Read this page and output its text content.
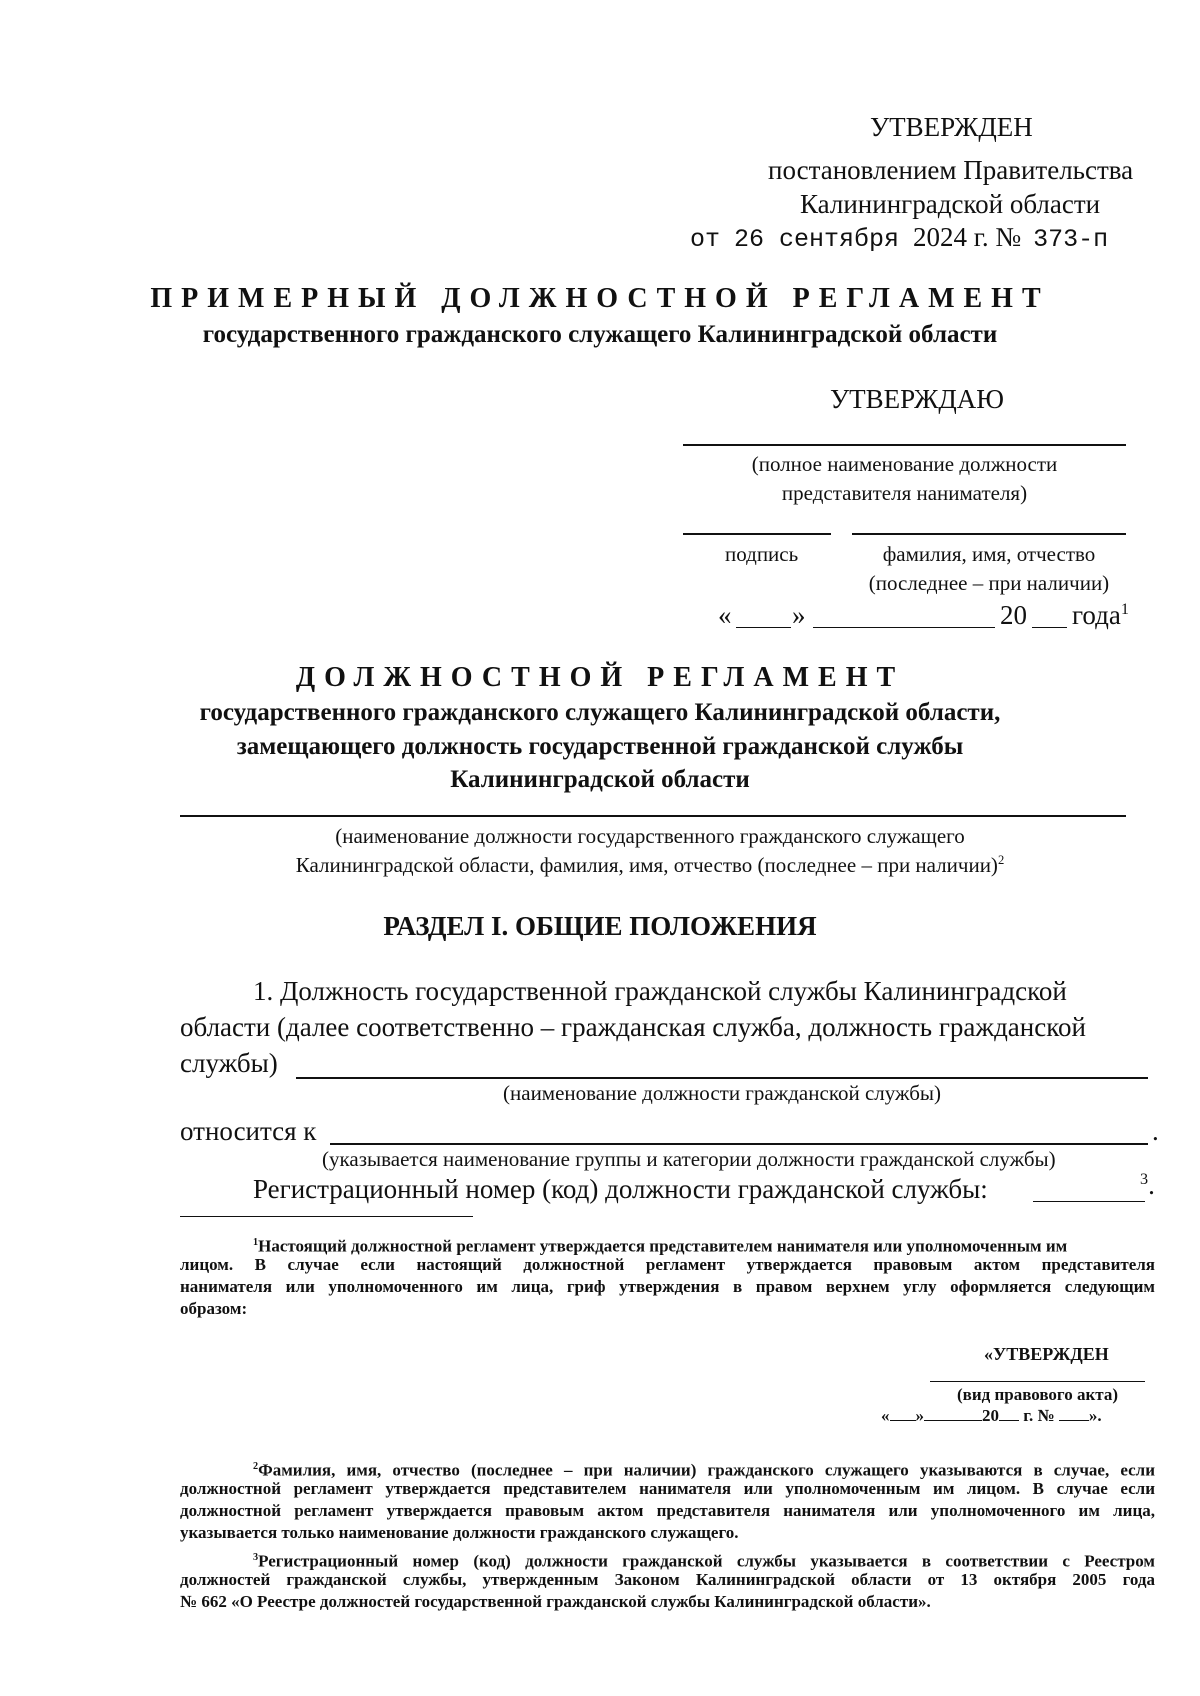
УТВЕРЖДЕН
постановлением Правительства
Калининградской области
от 26 сентября 2024 г. № 373-п
ПРИМЕРНЫЙ ДОЛЖНОСТНОЙ РЕГЛАМЕНТ
государственного гражданского служащего Калининградской области
УТВЕРЖДАЮ
(полное наименование должности
представителя нанимателя)
подпись	фамилия, имя, отчество
(последнее – при наличии)
« »	20 года$^1$
ДОЛЖНОСТНОЙ РЕГЛАМЕНТ
государственного гражданского служащего Калининградской области,
замещающего должность государственной гражданской службы
Калининградской области
(наименование должности государственного гражданского служащего
Калининградской области, фамилия, имя, отчество (последнее – при наличии)$^2$
РАЗДЕЛ I. ОБЩИЕ ПОЛОЖЕНИЯ
1. Должность государственной гражданской службы Калининградской
области (далее соответственно – гражданская служба, должность гражданской
службы)
(наименование должности гражданской службы)
относится к	.
(указывается наименование группы и категории должности гражданской службы)
Регистрационный номер (код) должности гражданской службы:	$^3$.
$^1$Настоящий должностной регламент утверждается представителем нанимателя или уполномоченным им
лицом. В случае если настоящий должностной регламент утверждается правовым актом представителя
нанимателя или уполномоченного им лица, гриф утверждения в правом верхнем углу оформляется следующим
образом:
«УТВЕРЖДЕН
(вид правового акта)
« »	20 г. № ».
$^2$Фамилия, имя, отчество (последнее – при наличии) гражданского служащего указываются в случае, если
должностной регламент утверждается представителем нанимателя или уполномоченным им лицом. В случае если
должностной регламент утверждается правовым актом представителя нанимателя или уполномоченного им лица,
указывается только наименование должности гражданского служащего.
$^3$Регистрационный номер (код) должности гражданской службы указывается в соответствии с Реестром
должностей гражданской службы, утвержденным Законом Калининградской области от 13 октября 2005 года
№ 662 «О Реестре должностей государственной гражданской службы Калининградской области».
